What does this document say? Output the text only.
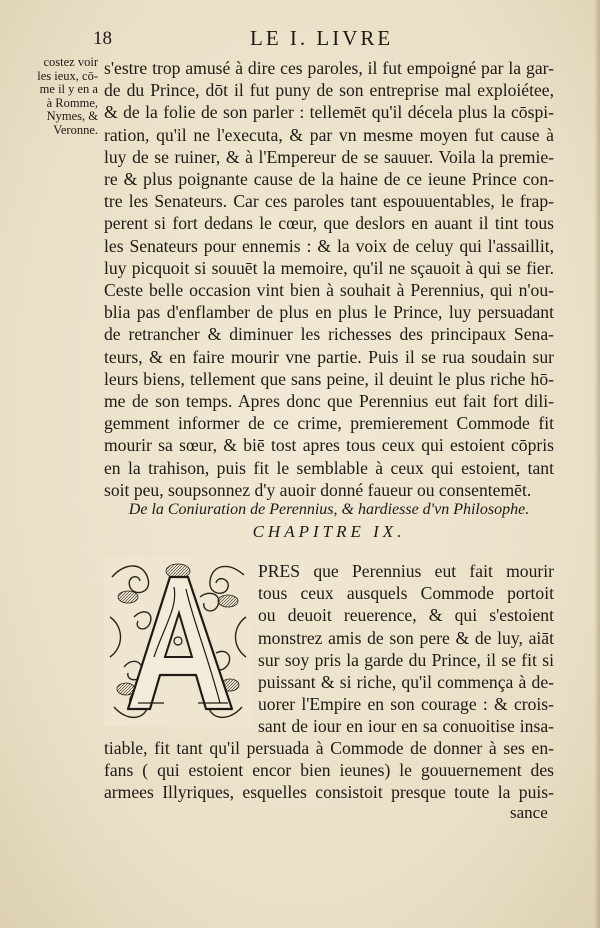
18	LE I. LIVRE
costez voir
les ieux, cō-
me il y en a
à Romme,
Nymes, &
Veronne.
s'estre trop amusé à dire ces paroles, il fut empoigné par la gar-
de du Prince, dōt il fut puny de son entreprise mal exploiétee,
& de la folie de son parler : tellemēt qu'il décela plus la cōspi-
ration, qu'il ne l'executa, & par vn mesme moyen fut cause à
luy de se ruiner, & à l'Empereur de se sauuer. Voila la premie-
re & plus poignante cause de la haine de ce ieune Prince con-
tre les Senateurs. Car ces paroles tant espouuentables, le frap-
perent si fort dedans le cœur, que deslors en auant il tint tous
les Senateurs pour ennemis : & la voix de celuy qui l'assaillit,
luy picquoit si souuēt la memoire, qu'il ne sçauoit à qui se fier.
Ceste belle occasion vint bien à souhait à Perennius, qui n'ou-
blia pas d'enflamber de plus en plus le Prince, luy persuadant
de retrancher & diminuer les richesses des principaux Sena-
teurs, & en faire mourir vne partie. Puis il se rua soudain sur
leurs biens, tellement que sans peine, il deuint le plus riche hō-
me de son temps. Apres donc que Perennius eut fait fort dili-
gemment informer de ce crime, premierement Commode fit
mourir sa sœur, & biē tost apres tous ceux qui estoient cōpris
en la trahison, puis fit le semblable à ceux qui estoient, tant
soit peu, soupsonnez d'y auoir donné faueur ou consentemēt.
De la Coniuration de Perennius, & hardiesse d'vn Philosophe.
CHAPITRE IX.
PRES que Perennius eut fait mourir
tous ceux ausquels Commode portoit
ou deuoit reuerence, & qui s'estoient
monstrez amis de son pere & de luy, aiāt
sur soy pris la garde du Prince, il se fit si
puissant & si riche, qu'il commença à de-
uorer l'Empire en son courage : & crois-
sant de iour en iour en sa conuoitise insa-
tiable, fit tant qu'il persuada à Commode de donner à ses en-
fans ( qui estoient encor bien ieunes) le gouuernement des
armees Illyriques, esquelles consistoit presque toute la puis-
sance
